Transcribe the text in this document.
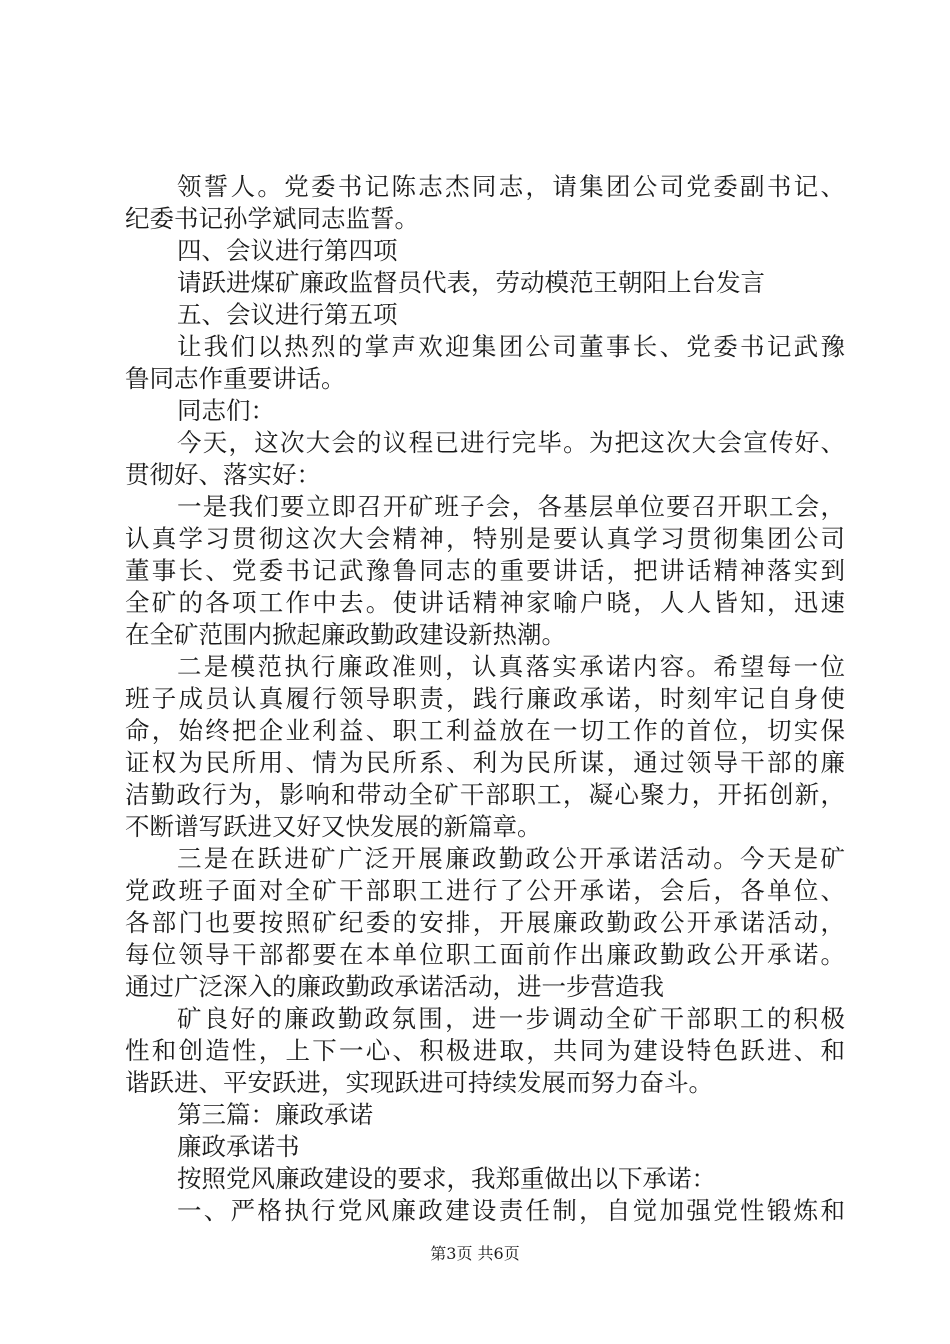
领誓人。党委书记陈志杰同志，请集团公司党委副书记、
纪委书记孙学斌同志监誓。
四、会议进行第四项
请跃进煤矿廉政监督员代表，劳动模范王朝阳上台发言
五、会议进行第五项
让我们以热烈的掌声欢迎集团公司董事长、党委书记武豫
鲁同志作重要讲话。
同志们：
今天，这次大会的议程已进行完毕。为把这次大会宣传好、
贯彻好、落实好：
一是我们要立即召开矿班子会，各基层单位要召开职工会，
认真学习贯彻这次大会精神，特别是要认真学习贯彻集团公司
董事长、党委书记武豫鲁同志的重要讲话，把讲话精神落实到
全矿的各项工作中去。使讲话精神家喻户晓，人人皆知，迅速
在全矿范围内掀起廉政勤政建设新热潮。
二是模范执行廉政准则，认真落实承诺内容。希望每一位
班子成员认真履行领导职责，践行廉政承诺，时刻牢记自身使
命，始终把企业利益、职工利益放在一切工作的首位，切实保
证权为民所用、情为民所系、利为民所谋，通过领导干部的廉
洁勤政行为，影响和带动全矿干部职工，凝心聚力，开拓创新，
不断谱写跃进又好又快发展的新篇章。
三是在跃进矿广泛开展廉政勤政公开承诺活动。今天是矿
党政班子面对全矿干部职工进行了公开承诺，会后，各单位、
各部门也要按照矿纪委的安排，开展廉政勤政公开承诺活动，
每位领导干部都要在本单位职工面前作出廉政勤政公开承诺。
通过广泛深入的廉政勤政承诺活动，进一步营造我
矿良好的廉政勤政氛围，进一步调动全矿干部职工的积极
性和创造性，上下一心、积极进取，共同为建设特色跃进、和
谐跃进、平安跃进，实现跃进可持续发展而努力奋斗。
第三篇：廉政承诺
廉政承诺书
按照党风廉政建设的要求，我郑重做出以下承诺：
一、严格执行党风廉政建设责任制，自觉加强党性锻炼和
第3页 共6页
